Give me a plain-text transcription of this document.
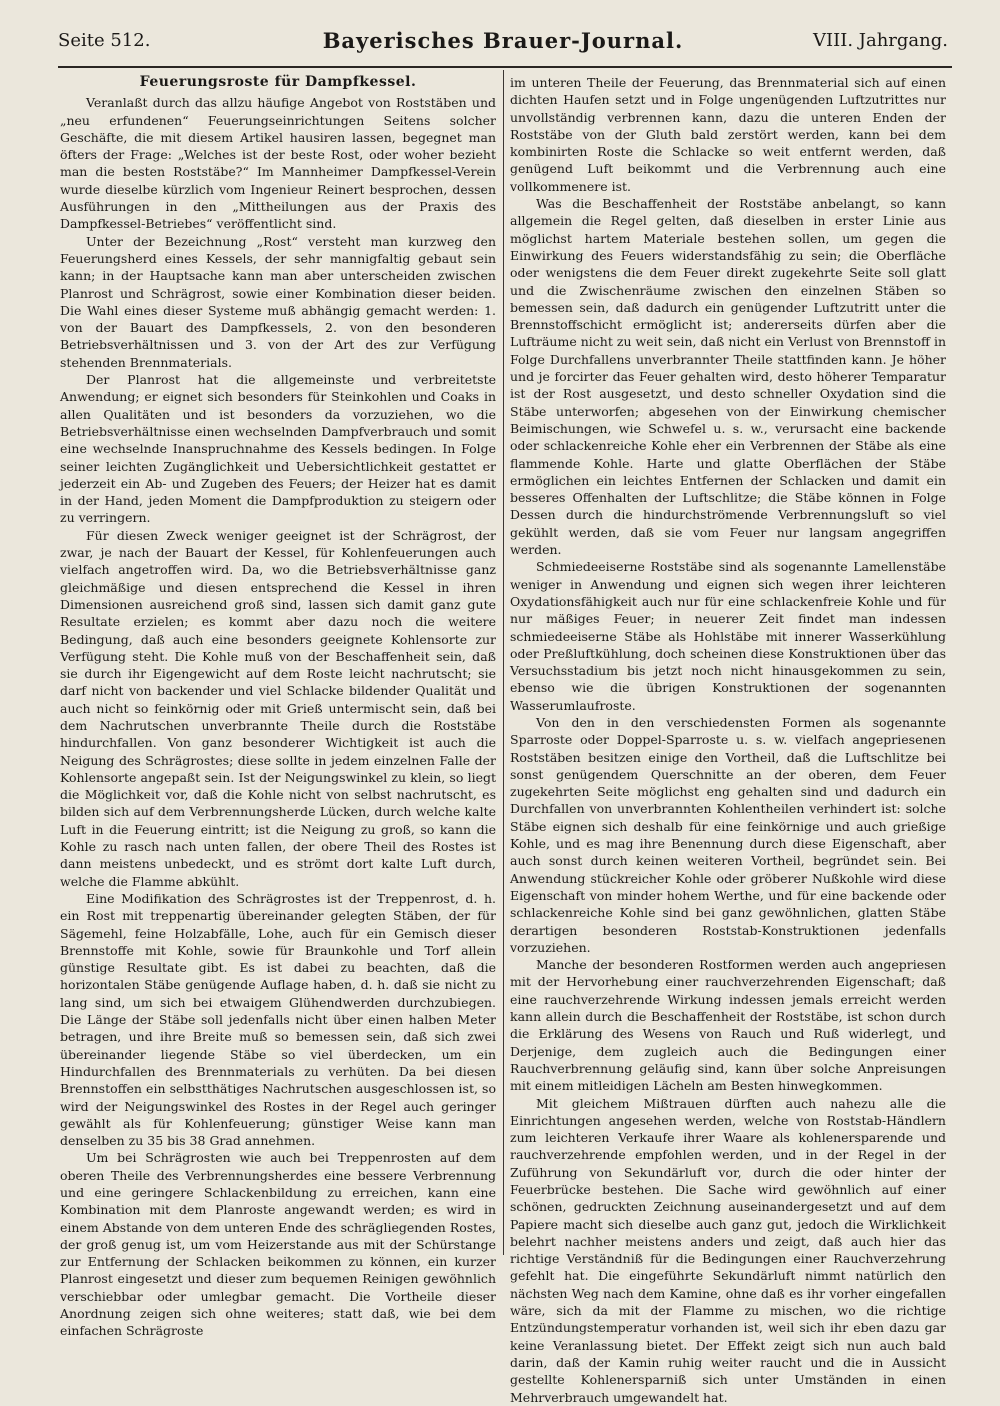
Seite 512.	Bayerisches Brauer-Journal.	VIII. Jahrgang.
Feuerungsroste für Dampfkessel.

Veranlaßt durch das allzu häufige Angebot von Roststäben und „neu erfundenen“ Feuerungseinrichtungen Seitens solcher Geschäfte, die mit diesem Artikel hausiren lassen, begegnet man öfters der Frage: „Welches ist der beste Rost, oder woher bezieht man die besten Roststäbe?“ Im Mannheimer Dampfkessel-Verein wurde dieselbe kürzlich vom Ingenieur Reinert besprochen, dessen Ausführungen in den „Mittheilungen aus der Praxis des Dampfkessel-Betriebes“ veröffentlicht sind.

Unter der Bezeichnung „Rost“ versteht man kurzweg den Feuerungsherd eines Kessels, der sehr mannigfaltig gebaut sein kann; in der Hauptsache kann man aber unterscheiden zwischen Planrost und Schrägrost, sowie einer Kombination dieser beiden. Die Wahl eines dieser Systeme muß abhängig gemacht werden: 1. von der Bauart des Dampfkessels, 2. von den besonderen Betriebsverhältnissen und 3. von der Art des zur Verfügung stehenden Brennmaterials.

Der Planrost hat die allgemeinste und verbreitetste Anwendung; er eignet sich besonders für Steinkohlen und Coaks in allen Qualitäten und ist besonders da vorzuziehen, wo die Betriebsverhältnisse einen wechselnden Dampfverbrauch und somit eine wechselnde Inanspruchnahme des Kessels bedingen. In Folge seiner leichten Zugänglichkeit und Uebersichtlichkeit gestattet er jederzeit ein Ab- und Zugeben des Feuers; der Heizer hat es damit in der Hand, jeden Moment die Dampfproduktion zu steigern oder zu verringern.

Für diesen Zweck weniger geeignet ist der Schrägrost, der zwar, je nach der Bauart der Kessel, für Kohlenfeuerungen auch vielfach angetroffen wird. Da, wo die Betriebsverhältnisse ganz gleichmäßige und diesen entsprechend die Kessel in ihren Dimensionen ausreichend groß sind, lassen sich damit ganz gute Resultate erzielen; es kommt aber dazu noch die weitere Bedingung, daß auch eine besonders geeignete Kohlensorte zur Verfügung steht. Die Kohle muß von der Beschaffenheit sein, daß sie durch ihr Eigengewicht auf dem Roste leicht nachrutscht; sie darf nicht von backender und viel Schlacke bildender Qualität und auch nicht so feinkörnig oder mit Grieß untermischt sein, daß bei dem Nachrutschen unverbrannte Theile durch die Roststäbe hindurchfallen. Von ganz besonderer Wichtigkeit ist auch die Neigung des Schrägrostes; diese sollte in jedem einzelnen Falle der Kohlensorte angepaßt sein. Ist der Neigungswinkel zu klein, so liegt die Möglichkeit vor, daß die Kohle nicht von selbst nachrutscht, es bilden sich auf dem Verbrennungsherde Lücken, durch welche kalte Luft in die Feuerung eintritt; ist die Neigung zu groß, so kann die Kohle zu rasch nach unten fallen, der obere Theil des Rostes ist dann meistens unbedeckt, und es strömt dort kalte Luft durch, welche die Flamme abkühlt.

Eine Modifikation des Schrägrostes ist der Treppenrost, d. h. ein Rost mit treppenartig übereinander gelegten Stäben, der für Sägemehl, feine Holzabfälle, Lohe, auch für ein Gemisch dieser Brennstoffe mit Kohle, sowie für Braunkohle und Torf allein günstige Resultate gibt. Es ist dabei zu beachten, daß die horizontalen Stäbe genügende Auflage haben, d. h. daß sie nicht zu lang sind, um sich bei etwaigem Glühendwerden durchzubiegen. Die Länge der Stäbe soll jedenfalls nicht über einen halben Meter betragen, und ihre Breite muß so bemessen sein, daß sich zwei übereinander liegende Stäbe so viel überdecken, um ein Hindurchfallen des Brennmaterials zu verhüten. Da bei diesen Brennstoffen ein selbstthätiges Nachrutschen ausgeschlossen ist, so wird der Neigungswinkel des Rostes in der Regel auch geringer gewählt als für Kohlenfeuerung; günstiger Weise kann man denselben zu 35 bis 38 Grad annehmen.

Um bei Schrägrosten wie auch bei Treppenrosten auf dem oberen Theile des Verbrennungsherdes eine bessere Verbrennung und eine geringere Schlackenbildung zu erreichen, kann eine Kombination mit dem Planroste angewandt werden; es wird in einem Abstande von dem unteren Ende des schrägliegenden Rostes, der groß genug ist, um vom Heizerstande aus mit der Schürstange zur Entfernung der Schlacken beikommen zu können, ein kurzer Planrost eingesetzt und dieser zum bequemen Reinigen gewöhnlich verschiebbar oder umlegbar gemacht. Die Vortheile dieser Anordnung zeigen sich ohne weiteres; statt daß, wie bei dem einfachen Schrägroste

im unteren Theile der Feuerung, das Brennmaterial sich auf einen dichten Haufen setzt und in Folge ungenügenden Luftzutrittes nur unvollständig verbrennen kann, dazu die unteren Enden der Roststäbe von der Gluth bald zerstört werden, kann bei dem kombinirten Roste die Schlacke so weit entfernt werden, daß genügend Luft beikommt und die Verbrennung auch eine vollkommenere ist.

Was die Beschaffenheit der Roststäbe anbelangt, so kann allgemein die Regel gelten, daß dieselben in erster Linie aus möglichst hartem Materiale bestehen sollen, um gegen die Einwirkung des Feuers widerstandsfähig zu sein; die Oberfläche oder wenigstens die dem Feuer direkt zugekehrte Seite soll glatt und die Zwischenräume zwischen den einzelnen Stäben so bemessen sein, daß dadurch ein genügender Luftzutritt unter die Brennstoffschicht ermöglicht ist; andererseits dürfen aber die Lufträume nicht zu weit sein, daß nicht ein Verlust von Brennstoff in Folge Durchfallens unverbrannter Theile stattfinden kann. Je höher und je forcirter das Feuer gehalten wird, desto höherer Temparatur ist der Rost ausgesetzt, und desto schneller Oxydation sind die Stäbe unterworfen; abgesehen von der Einwirkung chemischer Beimischungen, wie Schwefel u. s. w., verursacht eine backende oder schlackenreiche Kohle eher ein Verbrennen der Stäbe als eine flammende Kohle. Harte und glatte Oberflächen der Stäbe ermöglichen ein leichtes Entfernen der Schlacken und damit ein besseres Offenhalten der Luftschlitze; die Stäbe können in Folge Dessen durch die hindurchströmende Verbrennungsluft so viel gekühlt werden, daß sie vom Feuer nur langsam angegriffen werden.

Schmiedeeiserne Roststäbe sind als sogenannte Lamellenstäbe weniger in Anwendung und eignen sich wegen ihrer leichteren Oxydationsfähigkeit auch nur für eine schlackenfreie Kohle und für nur mäßiges Feuer; in neuerer Zeit findet man indessen schmiedeeiserne Stäbe als Hohlstäbe mit innerer Wasserkühlung oder Preßluftkühlung, doch scheinen diese Konstruktionen über das Versuchsstadium bis jetzt noch nicht hinausgekommen zu sein, ebenso wie die übrigen Konstruktionen der sogenannten Wasserumlaufroste.

Von den in den verschiedensten Formen als sogenannte Sparroste oder Doppel-Sparroste u. s. w. vielfach angepriesenen Roststäben besitzen einige den Vortheil, daß die Luftschlitze bei sonst genügendem Querschnitte an der oberen, dem Feuer zugekehrten Seite möglichst eng gehalten sind und dadurch ein Durchfallen von unverbrannten Kohlentheilen verhindert ist: solche Stäbe eignen sich deshalb für eine feinkörnige und auch grießige Kohle, und es mag ihre Benennung durch diese Eigenschaft, aber auch sonst durch keinen weiteren Vortheil, begründet sein. Bei Anwendung stückreicher Kohle oder gröberer Nußkohle wird diese Eigenschaft von minder hohem Werthe, und für eine backende oder schlackenreiche Kohle sind bei ganz gewöhnlichen, glatten Stäbe derartigen besonderen Roststab-Konstruktionen jedenfalls vorzuziehen.

Manche der besonderen Rostformen werden auch angepriesen mit der Hervorhebung einer rauchverzehrenden Eigenschaft; daß eine rauchverzehrende Wirkung indessen jemals erreicht werden kann allein durch die Beschaffenheit der Roststäbe, ist schon durch die Erklärung des Wesens von Rauch und Ruß widerlegt, und Derjenige, dem zugleich auch die Bedingungen einer Rauchverbrennung geläufig sind, kann über solche Anpreisungen mit einem mitleidigen Lächeln am Besten hinwegkommen.

Mit gleichem Mißtrauen dürften auch nahezu alle die Einrichtungen angesehen werden, welche von Roststab-Händlern zum leichteren Verkaufe ihrer Waare als kohlenersparende und rauchverzehrende empfohlen werden, und in der Regel in der Zuführung von Sekundärluft vor, durch die oder hinter der Feuerbrücke bestehen. Die Sache wird gewöhnlich auf einer schönen, gedruckten Zeichnung auseinandergesetzt und auf dem Papiere macht sich dieselbe auch ganz gut, jedoch die Wirklichkeit belehrt nachher meistens anders und zeigt, daß auch hier das richtige Verständniß für die Bedingungen einer Rauchverzehrung gefehlt hat. Die eingeführte Sekundärluft nimmt natürlich den nächsten Weg nach dem Kamine, ohne daß es ihr vorher eingefallen wäre, sich da mit der Flamme zu mischen, wo die richtige Entzündungstemperatur vorhanden ist, weil sich ihr eben dazu gar keine Veranlassung bietet. Der Effekt zeigt sich nun auch bald darin, daß der Kamin ruhig weiter raucht und die in Aussicht gestellte Kohlenersparniß sich unter Umständen in einen Mehrverbrauch umgewandelt hat.
